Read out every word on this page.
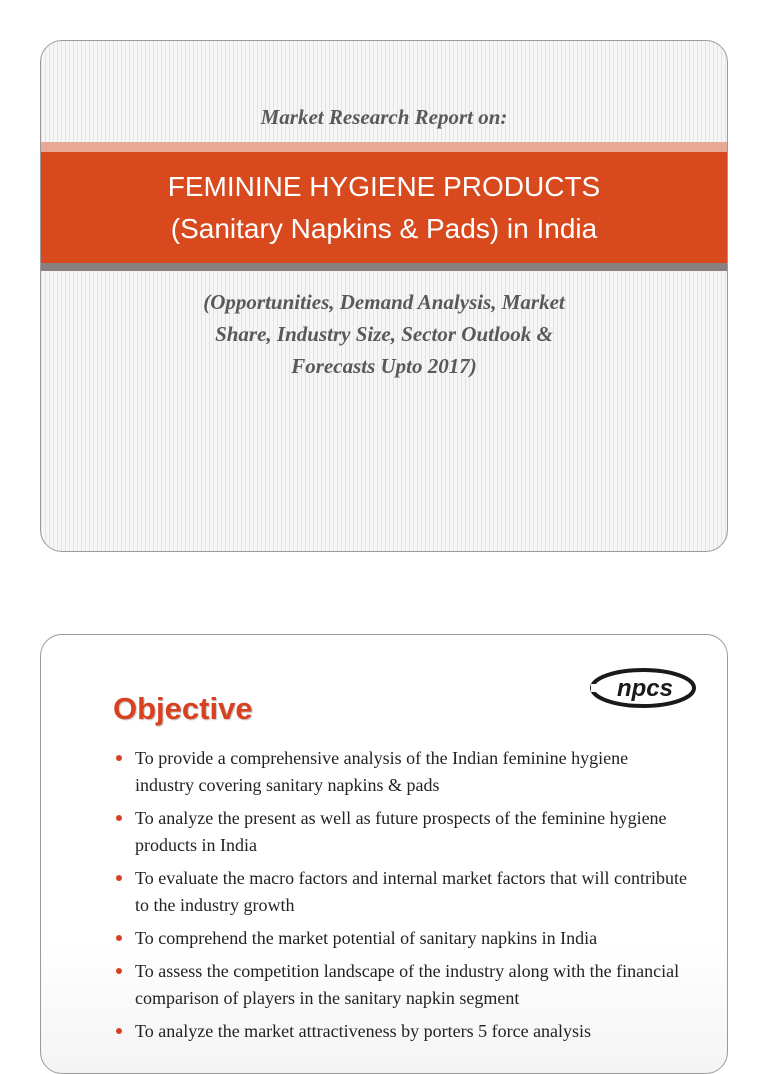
Market Research Report on:
FEMININE HYGIENE PRODUCTS
(Sanitary Napkins & Pads) in India
(Opportunities, Demand Analysis, Market
Share, Industry Size, Sector Outlook &
Forecasts Upto 2017)
npcs
Objective
To provide a comprehensive analysis of the Indian feminine hygiene industry covering sanitary napkins & pads
To analyze the present as well as future prospects of the feminine hygiene products in India
To evaluate the macro factors and internal market factors that will contribute to the industry growth
To comprehend the market potential of sanitary napkins in India
To assess the competition landscape of the industry along with the financial comparison of players in the sanitary napkin segment
To analyze the market attractiveness by porters 5 force analysis
